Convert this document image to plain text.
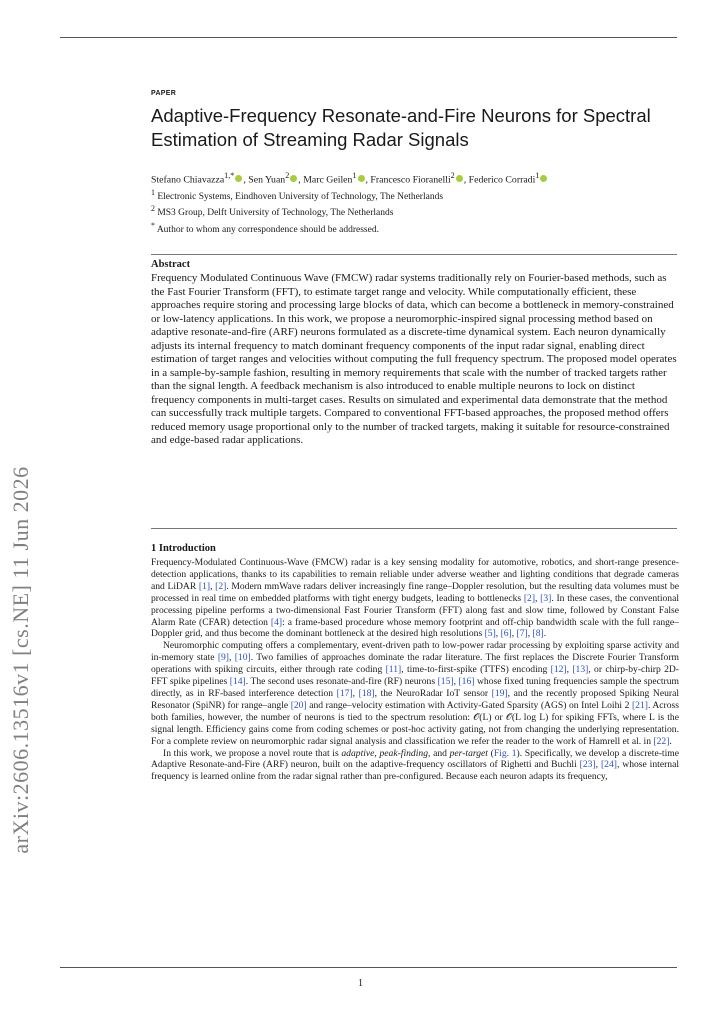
arXiv:2606.13516v1 [cs.NE] 11 Jun 2026
PAPER
Adaptive-Frequency Resonate-and-Fire Neurons for Spectral Estimation of Streaming Radar Signals
Stefano Chiavazza$^{1,*}$ , Sen Yuan$^2$ , Marc Geilen$^1$ , Francesco Fioranelli$^2$ , Federico Corradi$^1$
$^1$ Electronic Systems, Eindhoven University of Technology, The Netherlands
$^2$ MS3 Group, Delft University of Technology, The Netherlands
* Author to whom any correspondence should be addressed.
Abstract
Frequency Modulated Continuous Wave (FMCW) radar systems traditionally rely on Fourier-based methods, such as the Fast Fourier Transform (FFT), to estimate target range and velocity. While computationally efficient, these approaches require storing and processing large blocks of data, which can become a bottleneck in memory-constrained or low-latency applications. In this work, we propose a neuromorphic-inspired signal processing method based on adaptive resonate-and-fire (ARF) neurons formulated as a discrete-time dynamical system. Each neuron dynamically adjusts its internal frequency to match dominant frequency components of the input radar signal, enabling direct estimation of target ranges and velocities without computing the full frequency spectrum. The proposed model operates in a sample-by-sample fashion, resulting in memory requirements that scale with the number of tracked targets rather than the signal length. A feedback mechanism is also introduced to enable multiple neurons to lock on distinct frequency components in multi-target cases. Results on simulated and experimental data demonstrate that the method can successfully track multiple targets. Compared to conventional FFT-based approaches, the proposed method offers reduced memory usage proportional only to the number of tracked targets, making it suitable for resource-constrained and edge-based radar applications.
1 Introduction

Frequency-Modulated Continuous-Wave (FMCW) radar is a key sensing modality for automotive, robotics, and short-range presence-detection applications, thanks to its capabilities to remain reliable under adverse weather and lighting conditions that degrade cameras and LiDAR [1], [2]. Modern mmWave radars deliver increasingly fine range–Doppler resolution, but the resulting data volumes must be processed in real time on embedded platforms with tight energy budgets, leading to bottlenecks [2], [3]. In these cases, the conventional processing pipeline performs a two-dimensional Fast Fourier Transform (FFT) along fast and slow time, followed by Constant False Alarm Rate (CFAR) detection [4]: a frame-based procedure whose memory footprint and off-chip bandwidth scale with the full range–Doppler grid, and thus become the dominant bottleneck at the desired high resolutions [5], [6], [7], [8].

Neuromorphic computing offers a complementary, event-driven path to low-power radar processing by exploiting sparse activity and in-memory state [9], [10]. Two families of approaches dominate the radar literature. The first replaces the Discrete Fourier Transform operations with spiking circuits, either through rate coding [11], time-to-first-spike (TTFS) encoding [12], [13], or chirp-by-chirp 2D-FFT spike pipelines [14]. The second uses resonate-and-fire (RF) neurons [15], [16] whose fixed tuning frequencies sample the spectrum directly, as in RF-based interference detection [17], [18], the NeuroRadar IoT sensor [19], and the recently proposed Spiking Neural Resonator (SpiNR) for range–angle [20] and range–velocity estimation with Activity-Gated Sparsity (AGS) on Intel Loihi 2 [21]. Across both families, however, the number of neurons is tied to the spectrum resolution: 𝒪(L) or 𝒪(L log L) for spiking FFTs, where L is the signal length. Efficiency gains come from coding schemes or post-hoc activity gating, not from changing the underlying representation. For a complete review on neuromorphic radar signal analysis and classification we refer the reader to the work of Hamrell et al. in [22].

In this work, we propose a novel route that is adaptive, peak-finding, and per-target (Fig. 1). Specifically, we develop a discrete-time Adaptive Resonate-and-Fire (ARF) neuron, built on the adaptive-frequency oscillators of Righetti and Buchli [23], [24], whose internal frequency is learned online from the radar signal rather than pre-configured. Because each neuron adapts its frequency,

1
